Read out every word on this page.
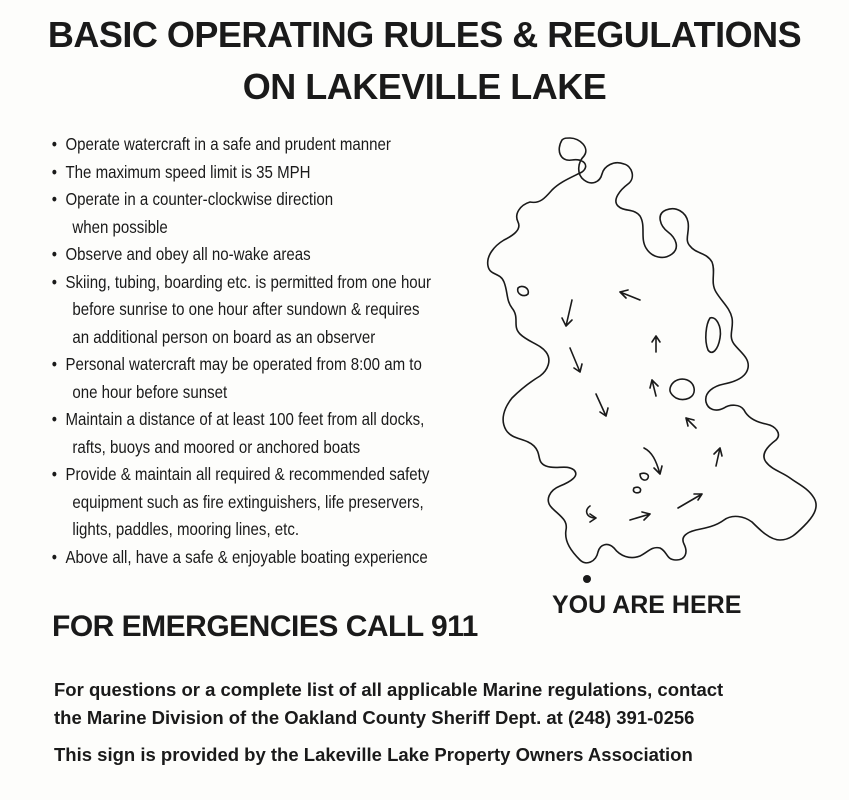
BASIC OPERATING RULES & REGULATIONS
ON LAKEVILLE LAKE
• Operate watercraft in a safe and prudent manner
• The maximum speed limit is 35 MPH
• Operate in a counter-clockwise direction
when possible
• Observe and obey all no-wake areas
• Skiing, tubing, boarding etc. is permitted from one hour
before sunrise to one hour after sundown & requires
an additional person on board as an observer
• Personal watercraft may be operated from 8:00 am to
one hour before sunset
• Maintain a distance of at least 100 feet from all docks,
rafts, buoys and moored or anchored boats
• Provide & maintain all required & recommended safety
equipment such as fire extinguishers, life preservers,
lights, paddles, mooring lines, etc.
• Above all, have a safe & enjoyable boating experience
YOU ARE HERE
FOR EMERGENCIES CALL 911
For questions or a complete list of all applicable Marine regulations, contact
the Marine Division of the Oakland County Sheriff Dept. at (248) 391-0256
This sign is provided by the Lakeville Lake Property Owners Association
